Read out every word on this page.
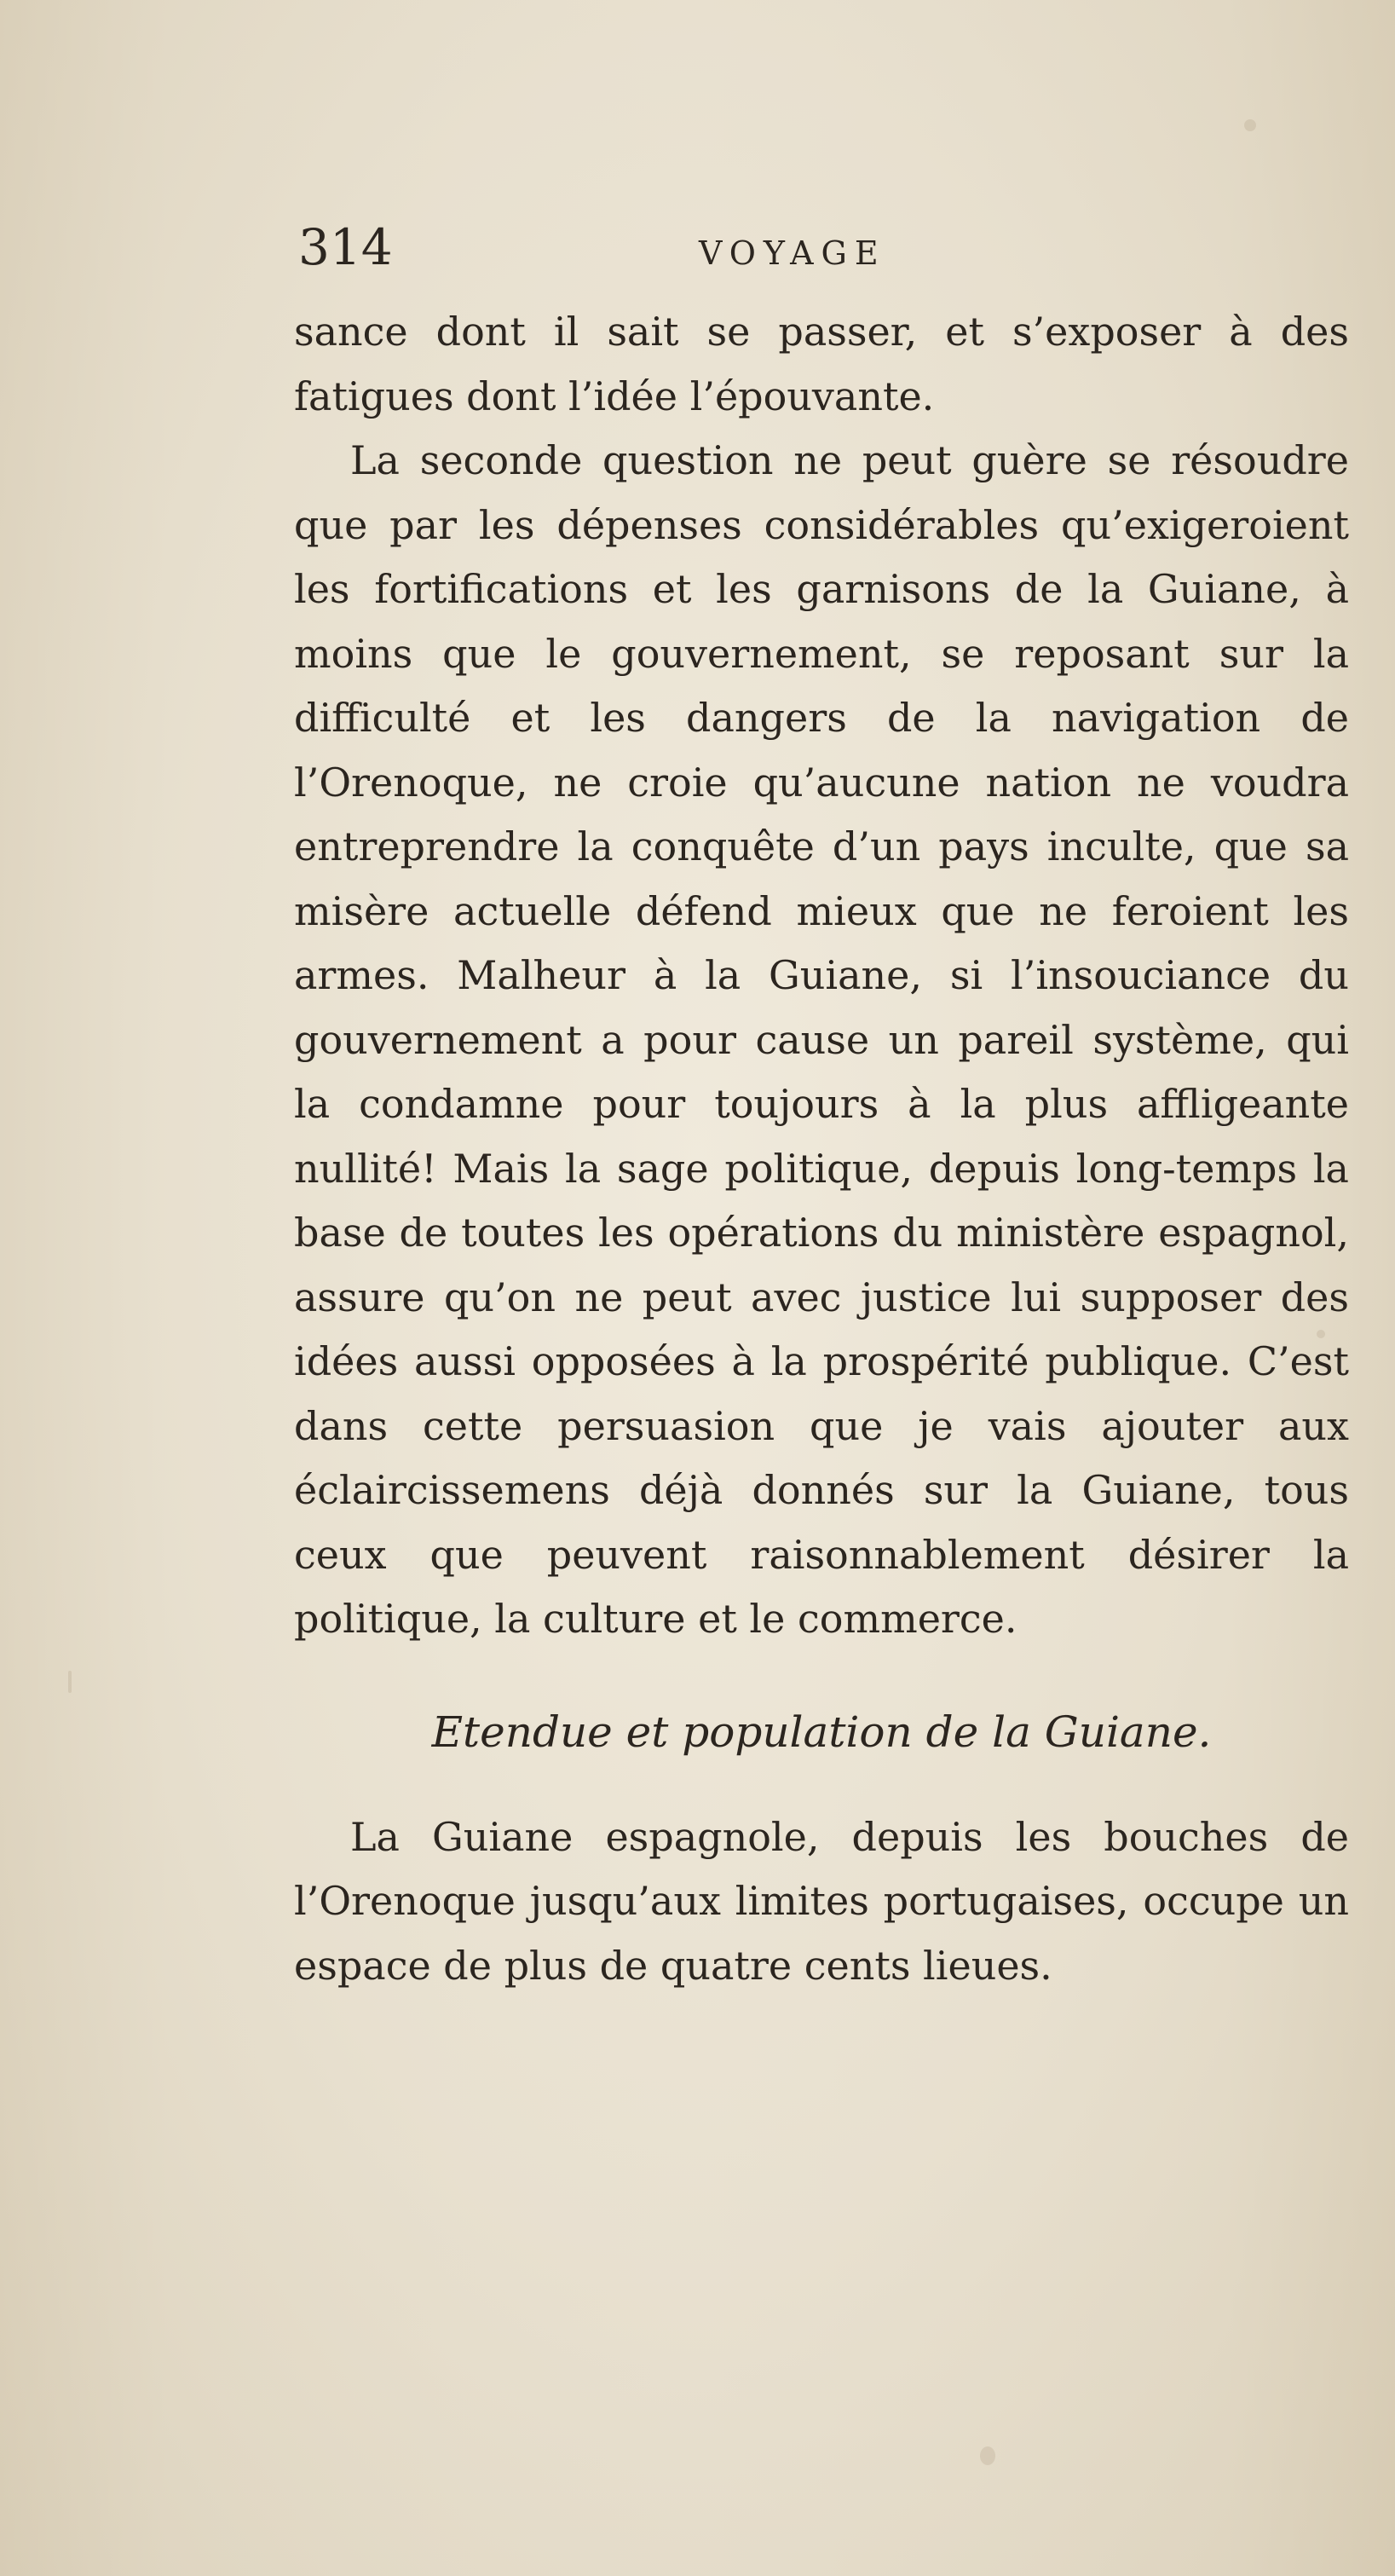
314	VOYAGE

sance dont il sait se passer, et s’exposer à des fatigues dont l’idée l’épouvante.

La seconde question ne peut guère se résoudre que par les dépenses considérables qu’exigeroient les fortifications et les garnisons de la Guiane, à moins que le gouvernement, se reposant sur la difficulté et les dangers de la navigation de l’Orenoque, ne croie qu’aucune nation ne voudra entreprendre la conquête d’un pays inculte, que sa misère actuelle défend mieux que ne feroient les armes. Malheur à la Guiane, si l’insouciance du gouvernement a pour cause un pareil système, qui la condamne pour toujours à la plus affligeante nullité! Mais la sage politique, depuis long-temps la base de toutes les opérations du ministère espagnol, assure qu’on ne peut avec justice lui supposer des idées aussi opposées à la prospérité publique. C’est dans cette persuasion que je vais ajouter aux éclaircissemens déjà donnés sur la Guiane, tous ceux que peuvent raisonnablement désirer la politique, la culture et le commerce.

Etendue et population de la Guiane.

La Guiane espagnole, depuis les bouches de l’Orenoque jusqu’aux limites portugaises, occupe un espace de plus de quatre cents lieues.
